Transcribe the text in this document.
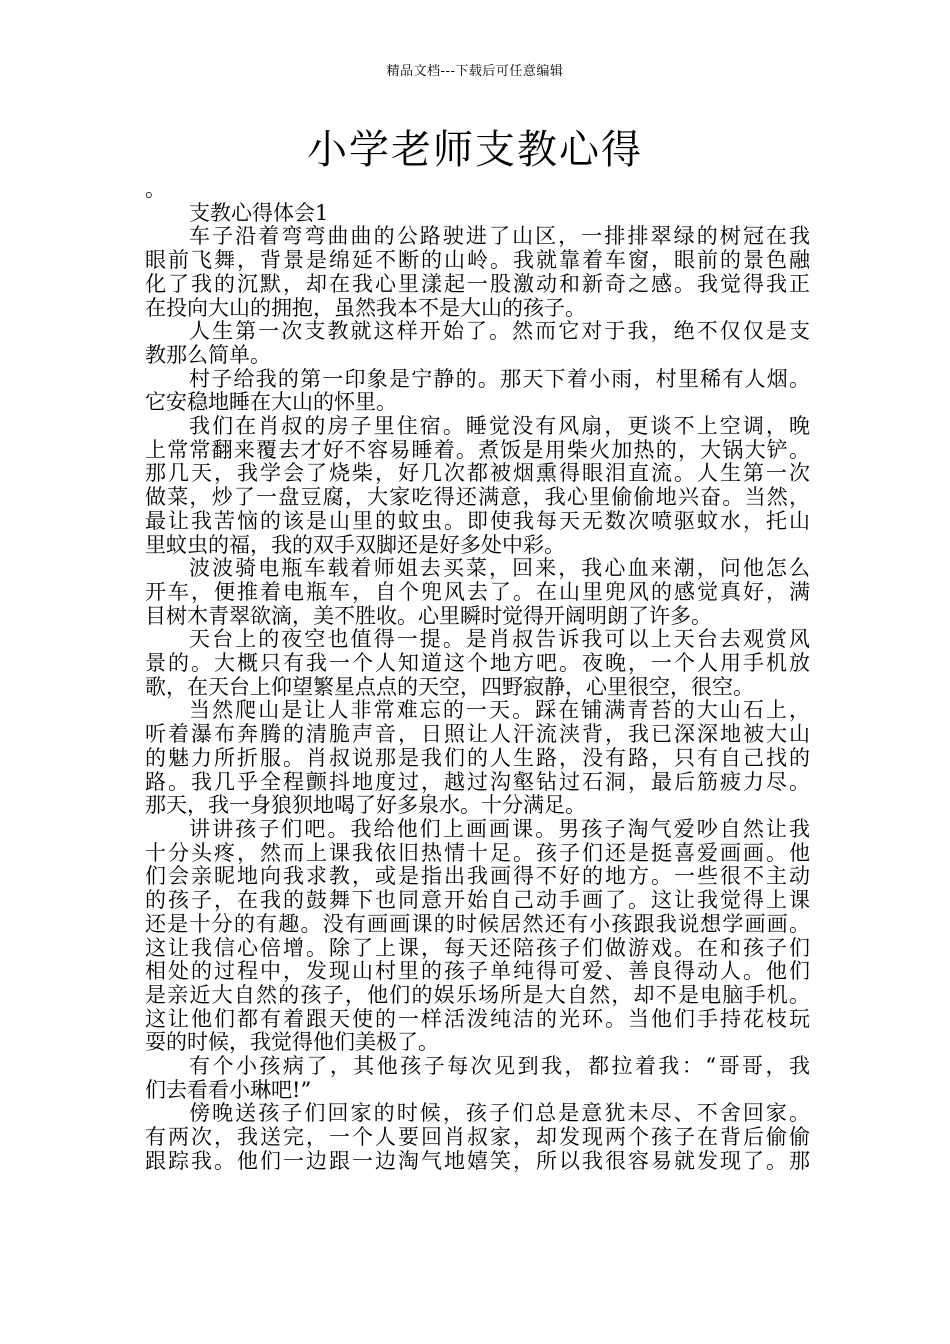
精品文档---下载后可任意编辑
小学老师支教心得
。
支教心得体会1
车子沿着弯弯曲曲的公路驶进了山区，一排排翠绿的树冠在我
眼前飞舞，背景是绵延不断的山岭。我就靠着车窗，眼前的景色融
化了我的沉默，却在我心里漾起一股激动和新奇之感。我觉得我正
在投向大山的拥抱，虽然我本不是大山的孩子。
人生第一次支教就这样开始了。然而它对于我，绝不仅仅是支
教那么简单。
村子给我的第一印象是宁静的。那天下着小雨，村里稀有人烟。
它安稳地睡在大山的怀里。
我们在肖叔的房子里住宿。睡觉没有风扇，更谈不上空调，晚
上常常翻来覆去才好不容易睡着。煮饭是用柴火加热的，大锅大铲。
那几天，我学会了烧柴，好几次都被烟熏得眼泪直流。人生第一次
做菜，炒了一盘豆腐，大家吃得还满意，我心里偷偷地兴奋。当然，
最让我苦恼的该是山里的蚊虫。即使我每天无数次喷驱蚊水，托山
里蚊虫的福，我的双手双脚还是好多处中彩。
波波骑电瓶车载着师姐去买菜，回来，我心血来潮，问他怎么
开车，便推着电瓶车，自个兜风去了。在山里兜风的感觉真好，满
目树木青翠欲滴，美不胜收。心里瞬时觉得开阔明朗了许多。
天台上的夜空也值得一提。是肖叔告诉我可以上天台去观赏风
景的。大概只有我一个人知道这个地方吧。夜晚，一个人用手机放
歌，在天台上仰望繁星点点的天空，四野寂静，心里很空，很空。
当然爬山是让人非常难忘的一天。踩在铺满青苔的大山石上，
听着瀑布奔腾的清脆声音，日照让人汗流浃背，我已深深地被大山
的魅力所折服。肖叔说那是我们的人生路，没有路，只有自己找的
路。我几乎全程颤抖地度过，越过沟壑钻过石洞，最后筋疲力尽。
那天，我一身狼狈地喝了好多泉水。十分满足。
讲讲孩子们吧。我给他们上画画课。男孩子淘气爱吵自然让我
十分头疼，然而上课我依旧热情十足。孩子们还是挺喜爱画画。他
们会亲昵地向我求教，或是指出我画得不好的地方。一些很不主动
的孩子，在我的鼓舞下也同意开始自己动手画了。这让我觉得上课
还是十分的有趣。没有画画课的时候居然还有小孩跟我说想学画画。
这让我信心倍增。除了上课，每天还陪孩子们做游戏。在和孩子们
相处的过程中，发现山村里的孩子单纯得可爱、善良得动人。他们
是亲近大自然的孩子，他们的娱乐场所是大自然，却不是电脑手机。
这让他们都有着跟天使的一样活泼纯洁的光环。当他们手持花枝玩
耍的时候，我觉得他们美极了。
有个小孩病了，其他孩子每次见到我，都拉着我：“哥哥，我
们去看看小琳吧!”
傍晚送孩子们回家的时候，孩子们总是意犹未尽、不舍回家。
有两次，我送完，一个人要回肖叔家，却发现两个孩子在背后偷偷
跟踪我。他们一边跟一边淘气地嬉笑，所以我很容易就发现了。那
